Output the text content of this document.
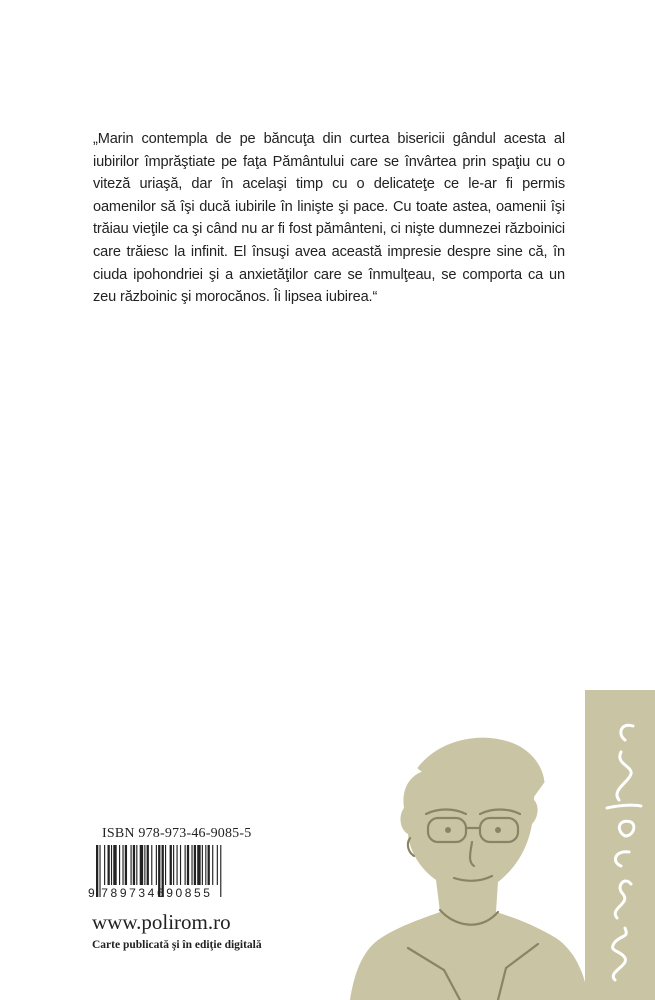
„Marin contempla de pe băncuţa din curtea bisericii gândul acesta al iubirilor împrăştiate pe faţa Pământului care se învârtea prin spaţiu cu o viteză uriaşă, dar în acelaşi timp cu o delicateţe ce le-ar fi permis oamenilor să îşi ducă iubirile în linişte şi pace. Cu toate astea, oamenii îşi trăiau vieţile ca şi când nu ar fi fost pământeni, ci nişte dumnezei războinici care trăiesc la infinit. El însuşi avea această impresie despre sine că, în ciuda ipohondriei şi a anxietăţilor care se înmulţeau, se comporta ca un zeu războinic şi morocănos. Îi lipsea iubirea.“

ISBN 978-973-46-9085-5
9 789734690855
www.polirom.ro
Carte publicată şi în ediţie digitală
